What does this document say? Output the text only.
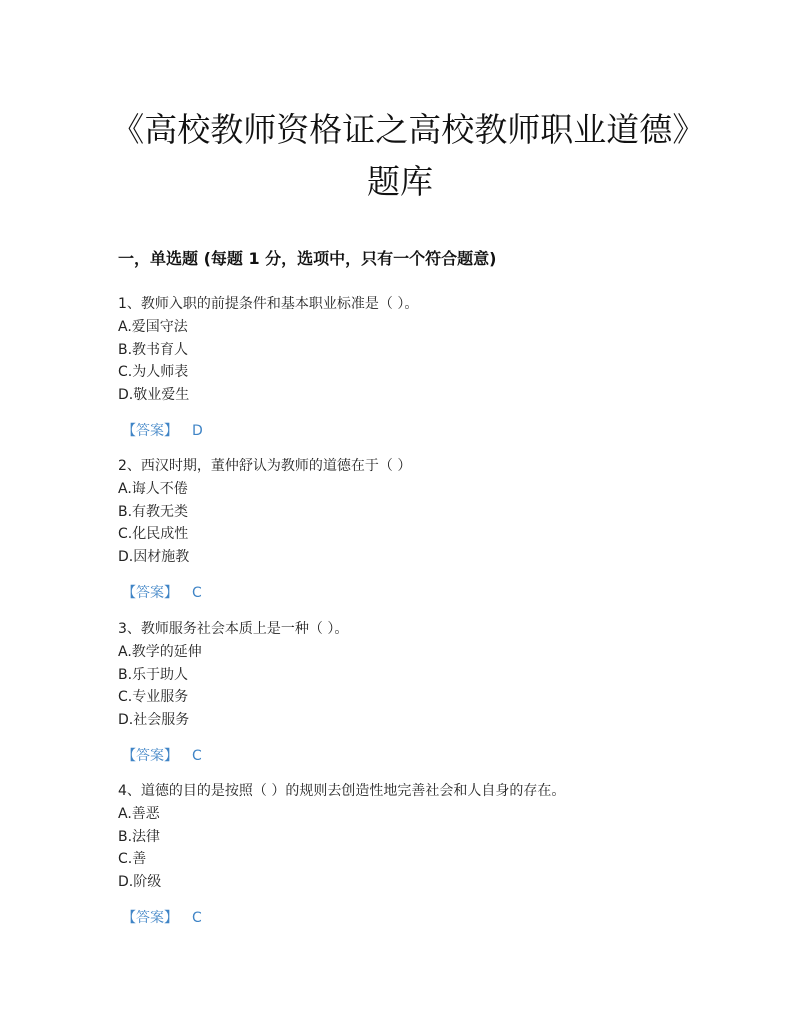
《高校教师资格证之高校教师职业道德》题库
一，单选题 (每题 1 分，选项中，只有一个符合题意)
1、教师入职的前提条件和基本职业标准是（ ）。
A.爱国守法
B.教书育人
C.为人师表
D.敬业爱生
【答案】 D
2、西汉时期，董仲舒认为教师的道德在于（ ）
A.诲人不倦
B.有教无类
C.化民成性
D.因材施教
【答案】 C
3、教师服务社会本质上是一种（ ）。
A.教学的延伸
B.乐于助人
C.专业服务
D.社会服务
【答案】 C
4、道德的目的是按照（ ）的规则去创造性地完善社会和人自身的存在。
A.善恶
B.法律
C.善
D.阶级
【答案】 C
